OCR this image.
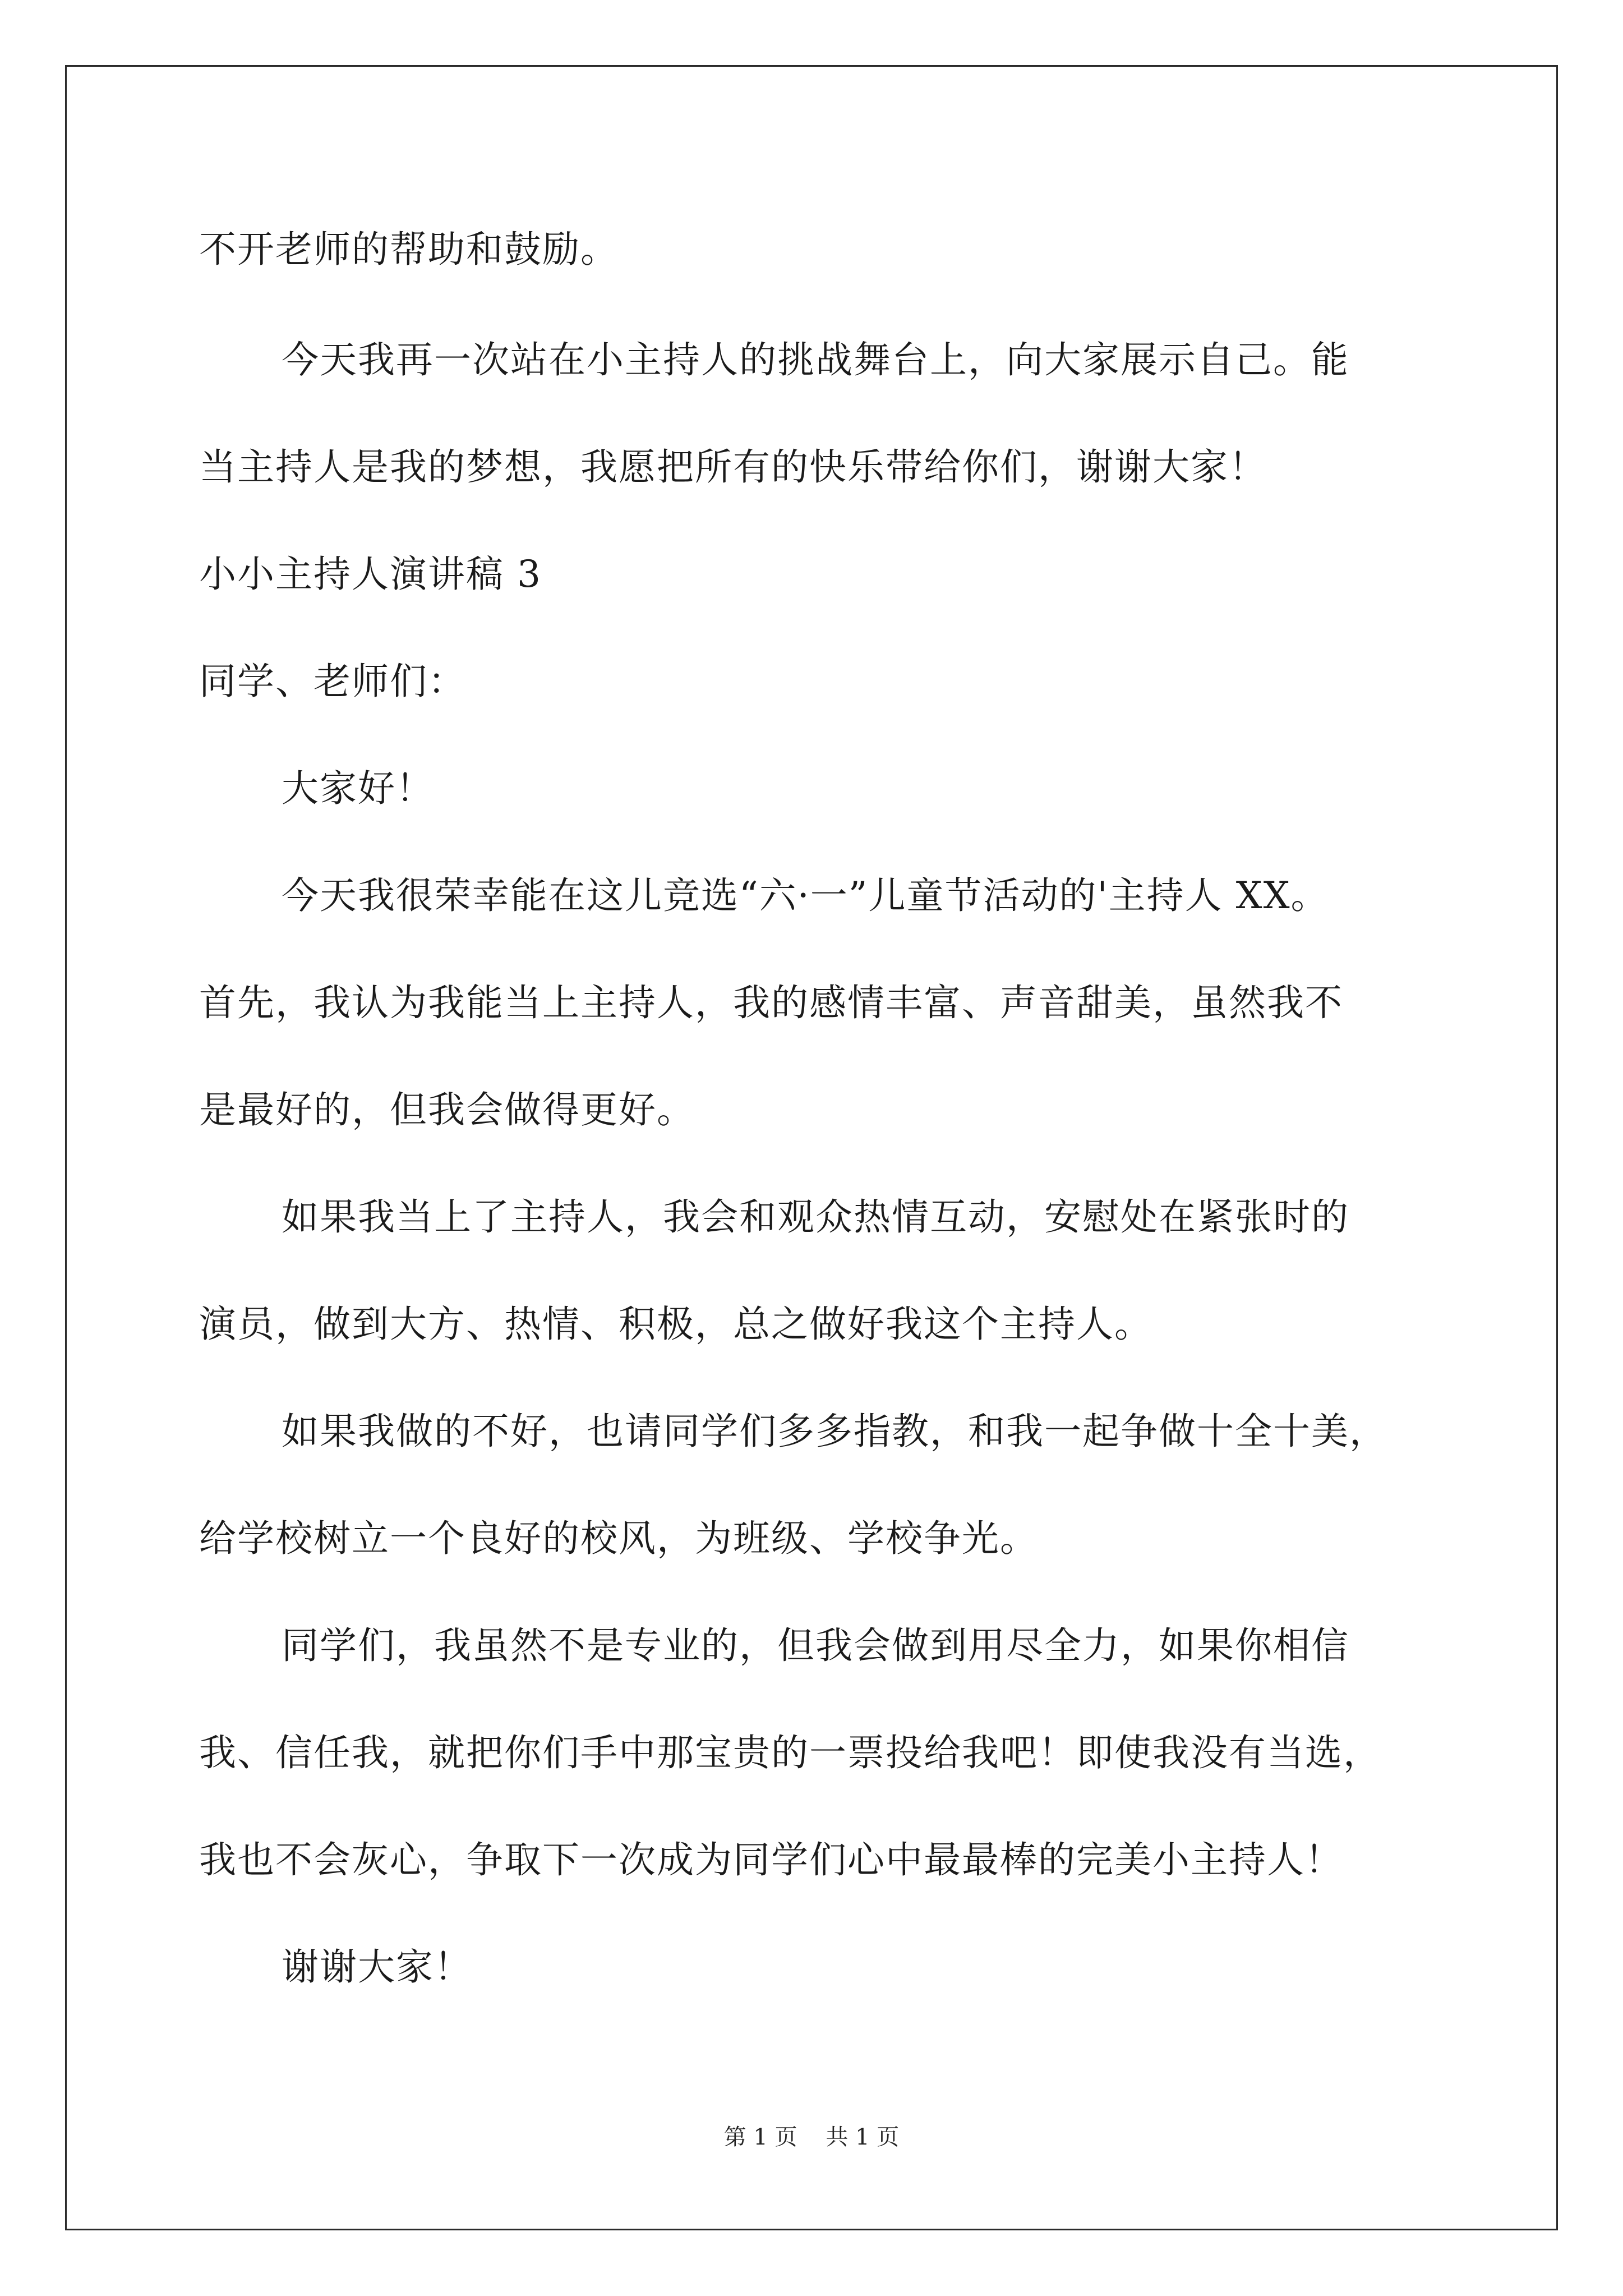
不开老师的帮助和鼓励。

今天我再一次站在小主持人的挑战舞台上，向大家展示自己。能

当主持人是我的梦想，我愿把所有的快乐带给你们，谢谢大家！

小小主持人演讲稿 3

同学、老师们：

大家好！

今天我很荣幸能在这儿竞选“六·一”儿童节活动的'主持人 XX。

首先，我认为我能当上主持人，我的感情丰富、声音甜美，虽然我不

是最好的，但我会做得更好。

如果我当上了主持人，我会和观众热情互动，安慰处在紧张时的

演员，做到大方、热情、积极，总之做好我这个主持人。

如果我做的不好，也请同学们多多指教，和我一起争做十全十美，

给学校树立一个良好的校风，为班级、学校争光。

同学们，我虽然不是专业的，但我会做到用尽全力，如果你相信

我、信任我，就把你们手中那宝贵的一票投给我吧！即使我没有当选，

我也不会灰心，争取下一次成为同学们心中最最棒的完美小主持人！

谢谢大家！

第 1 页    共 1 页
